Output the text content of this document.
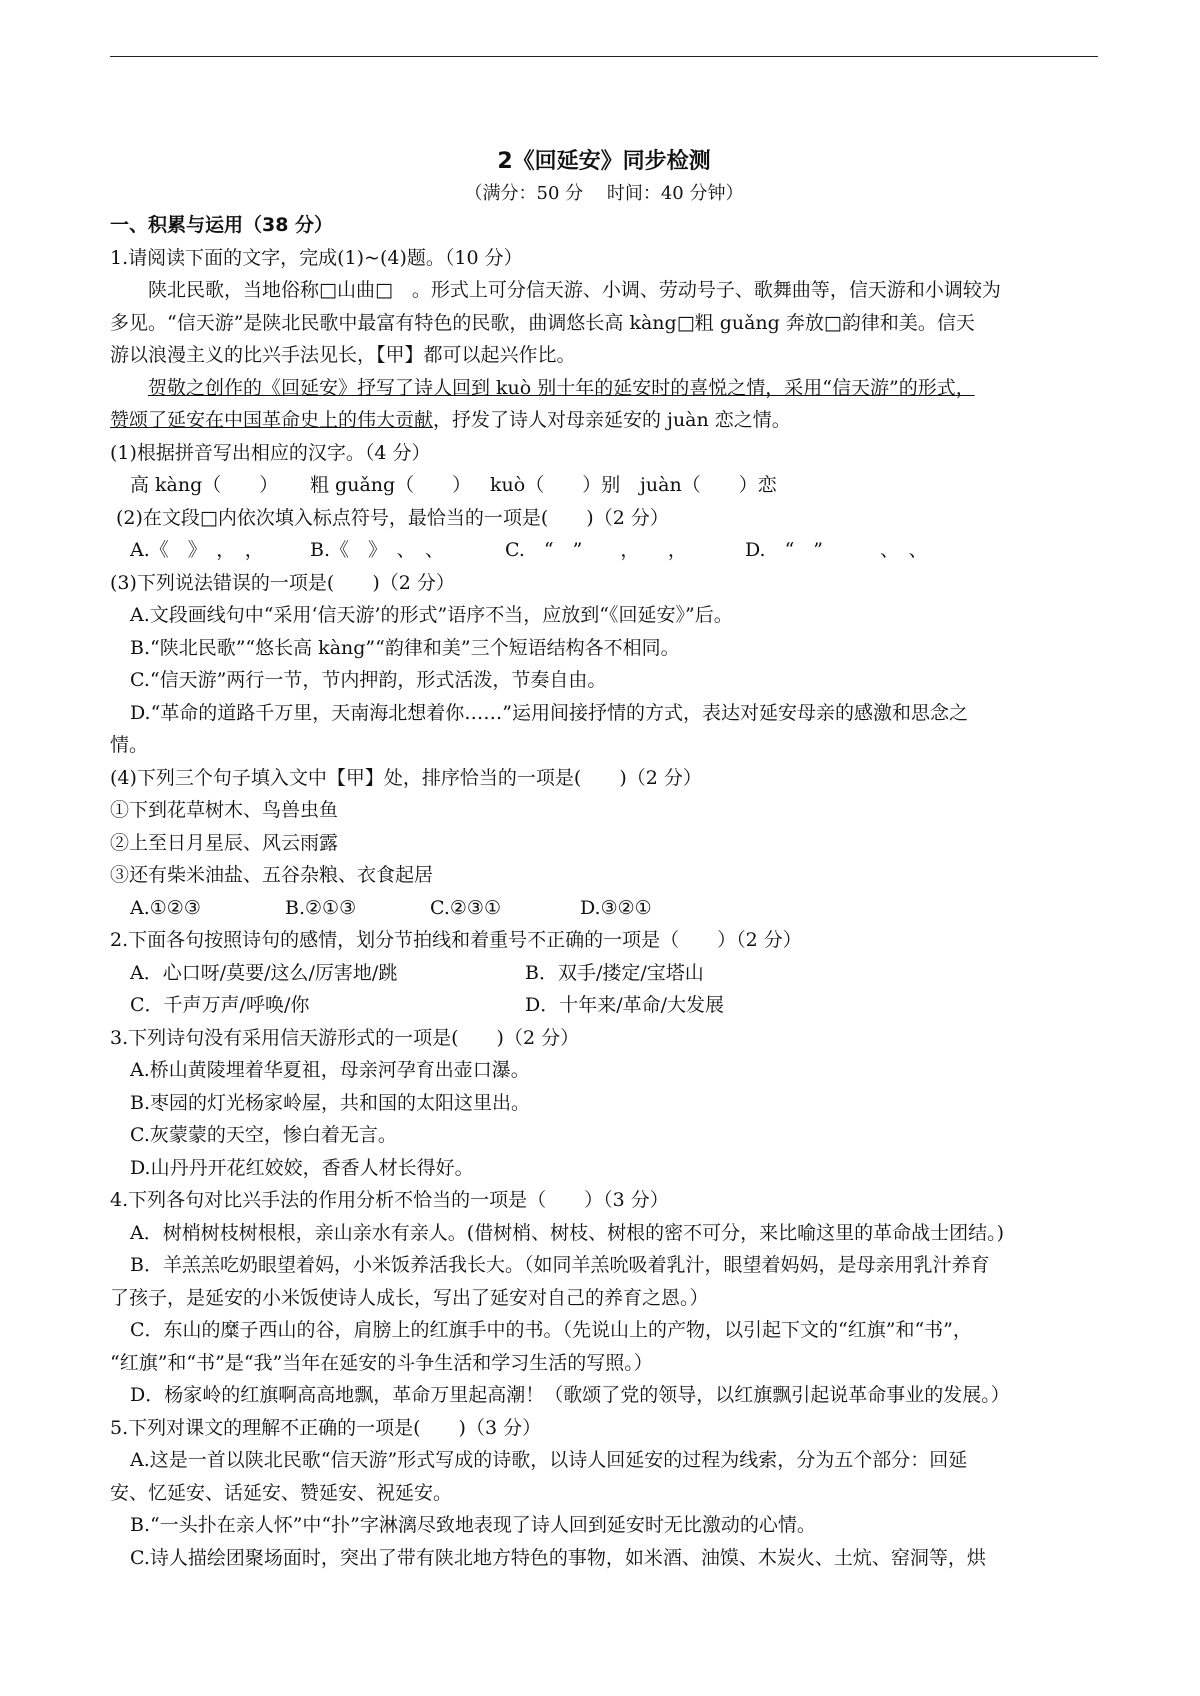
2《回延安》同步检测
（满分：50 分　 时间：40 分钟）
一、积累与运用（38 分）
1.请阅读下面的文字，完成(1)~(4)题。（10 分）
陕北民歌，当地俗称□山曲□　。形式上可分信天游、小调、劳动号子、歌舞曲等，信天游和小调较为
多见。“信天游”是陕北民歌中最富有特色的民歌，曲调悠长高 kàng□粗 guǎng 奔放□韵律和美。信天
游以浪漫主义的比兴手法见长，【甲】都可以起兴作比。
贺敬之创作的《回延安》抒写了诗人回到 kuò 别十年的延安时的喜悦之情，采用“信天游”的形式，
赞颂了延安在中国革命史上的伟大贡献，抒发了诗人对母亲延安的 juàn 恋之情。
(1)根据拼音写出相应的汉字。（4 分）
高 kàng（　　） 粗 guǎng（　　） kuò（　　）别 juàn（　　）恋
(2)在文段□内依次填入标点符号，最恰当的一项是(　　)（2 分）
A.《　》　，　， B.《　》　、　、	C.　“　”　　，　　，	D.　“　”　　　、　、
(3)下列说法错误的一项是(　　)（2 分）
A.文段画线句中“采用‘信天游’的形式”语序不当，应放到“《回延安》”后。
B.“陕北民歌”“悠长高 kàng”“韵律和美”三个短语结构各不相同。
C.“信天游”两行一节，节内押韵，形式活泼，节奏自由。
D.“革命的道路千万里，天南海北想着你……”运用间接抒情的方式，表达对延安母亲的感激和思念之
情。
(4)下列三个句子填入文中【甲】处，排序恰当的一项是(　　)（2 分）
①下到花草树木、鸟兽虫鱼
②上至日月星辰、风云雨露
③还有柴米油盐、五谷杂粮、衣食起居
A.①②③	B.②①③	C.②③①	D.③②①
2.下面各句按照诗句的感情，划分节拍线和着重号不正确的一项是（　　）（2 分）
A．心口呀/莫要/这么/厉害地/跳	B．双手/搂定/宝塔山
C．千声万声/呼唤/你	D．十年来/革命/大发展
3.下列诗句没有采用信天游形式的一项是(　　)（2 分）
A.桥山黄陵埋着华夏祖，母亲河孕育出壶口瀑。
B.枣园的灯光杨家岭屋，共和国的太阳这里出。
C.灰蒙蒙的天空，惨白着无言。
D.山丹丹开花红姣姣，香香人材长得好。
4.下列各句对比兴手法的作用分析不恰当的一项是（　　）（3 分）
A．树梢树枝树根根，亲山亲水有亲人。(借树梢、树枝、树根的密不可分，来比喻这里的革命战士团结。)
B．羊羔羔吃奶眼望着妈，小米饭养活我长大。（如同羊羔吮吸着乳汁，眼望着妈妈，是母亲用乳汁养育
了孩子，是延安的小米饭使诗人成长，写出了延安对自己的养育之恩。）
C．东山的糜子西山的谷，肩膀上的红旗手中的书。（先说山上的产物，以引起下文的“红旗”和“书”，
“红旗”和“书”是“我”当年在延安的斗争生活和学习生活的写照。）
D．杨家岭的红旗啊高高地飘，革命万里起高潮！（歌颂了党的领导，以红旗飘引起说革命事业的发展。）
5.下列对课文的理解不正确的一项是(　　)（3 分）
A.这是一首以陕北民歌“信天游”形式写成的诗歌，以诗人回延安的过程为线索，分为五个部分：回延
安、忆延安、话延安、赞延安、祝延安。
B.“一头扑在亲人怀”中“扑”字淋漓尽致地表现了诗人回到延安时无比激动的心情。
C.诗人描绘团聚场面时，突出了带有陕北地方特色的事物，如米酒、油馍、木炭火、土炕、窑洞等，烘
